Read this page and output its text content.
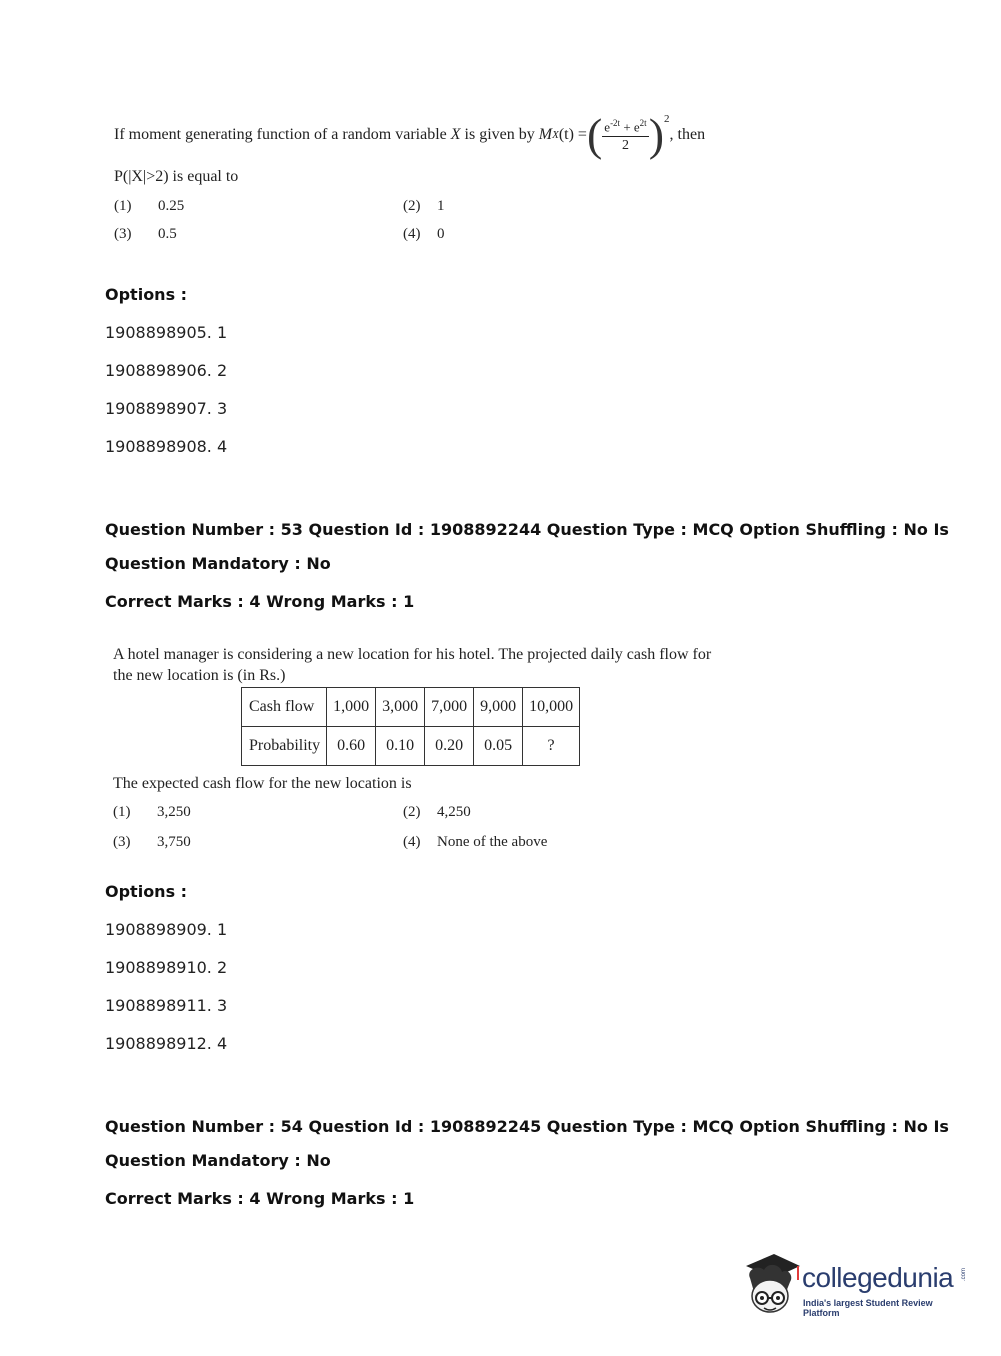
If moment generating function of a random variable
X
is given by
M X (t) = ( $\frac{e^{-2t} + e^{2t}}{2} )^2$
, then
P(|X|>2) is equal to
(1) 0.25	(2) 1
(3) 0.5	(4) 0
Options :
1908898905. 1
1908898906. 2
1908898907. 3
1908898908. 4
Question Number : 53 Question Id : 1908892244 Question Type : MCQ Option Shuffling : No Is
Question Mandatory : No
Correct Marks : 4 Wrong Marks : 1
A hotel manager is considering a new location for his hotel. The projected daily cash flow for
the new location is (in Rs.)
Cash flow	1,000	3,000	7,000	9,000	10,000
Probability	0.60	0.10	0.20	0.05	?
The expected cash flow for the new location is
(1) 3,250	(2) 4,250
(3) 3,750	(4) None of the above
Options :
1908898909. 1
1908898910. 2
1908898911. 3
1908898912. 4
Question Number : 54 Question Id : 1908892245 Question Type : MCQ Option Shuffling : No Is
Question Mandatory : No
Correct Marks : 4 Wrong Marks : 1
collegedunia .com
India's largest Student Review Platform
